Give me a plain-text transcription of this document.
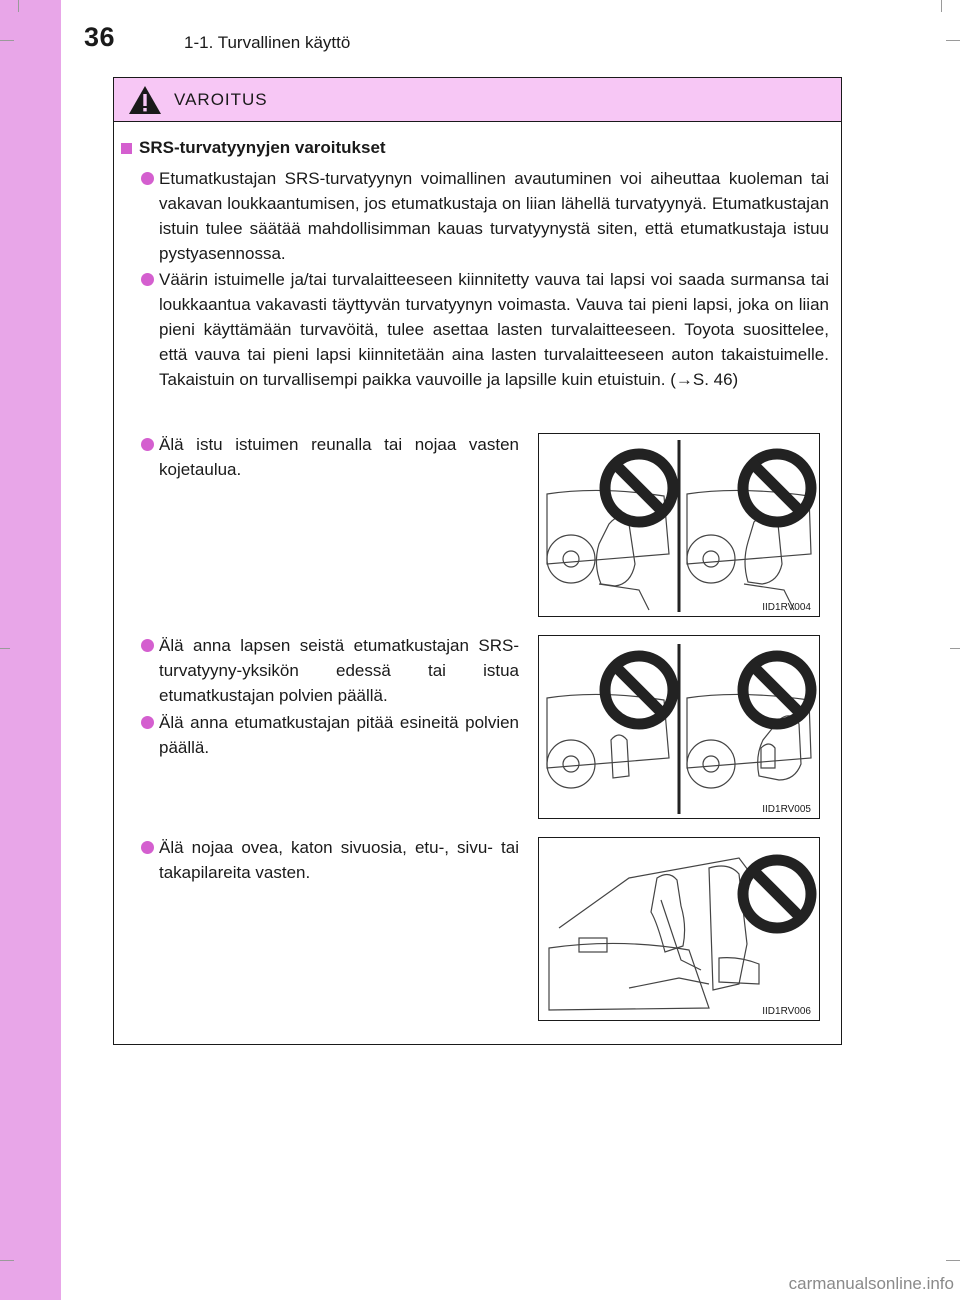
36	1-1. Turvallinen käyttö
VAROITUS
SRS-turvatyynyjen varoitukset
Etumatkustajan SRS-turvatyynyn voimallinen avautuminen voi aiheuttaa kuoleman tai vakavan loukkaantumisen, jos etumatkustaja on liian lähellä turvatyynyä. Etumatkustajan istuin tulee säätää mahdollisimman kauas turvatyynystä siten, että etumatkustaja istuu pystyasennossa.
Väärin istuimelle ja/tai turvalaitteeseen kiinnitetty vauva tai lapsi voi saada surmansa tai loukkaantua vakavasti täyttyvän turvatyynyn voimasta. Vauva tai pieni lapsi, joka on liian pieni käyttämään turvavöitä, tulee asettaa lasten turvalaitteeseen. Toyota suosittelee, että vauva tai pieni lapsi kiinnitetään aina lasten turvalaitteeseen auton takaistuimelle. Takaistuin on turvallisempi paikka vauvoille ja lapsille kuin etuistuin. (→S. 46)
Älä istu istuimen reunalla tai nojaa vasten kojetaulua.
Älä anna lapsen seistä etumatkustajan SRS-turvatyyny-yksikön edessä tai istua etumatkustajan polvien päällä.
Älä anna etumatkustajan pitää esineitä polvien päällä.
Älä nojaa ovea, katon sivuosia, etu-, sivu- tai takapilareita vasten.
IID1RV004
IID1RV005
IID1RV006
carmanualsonline.info
